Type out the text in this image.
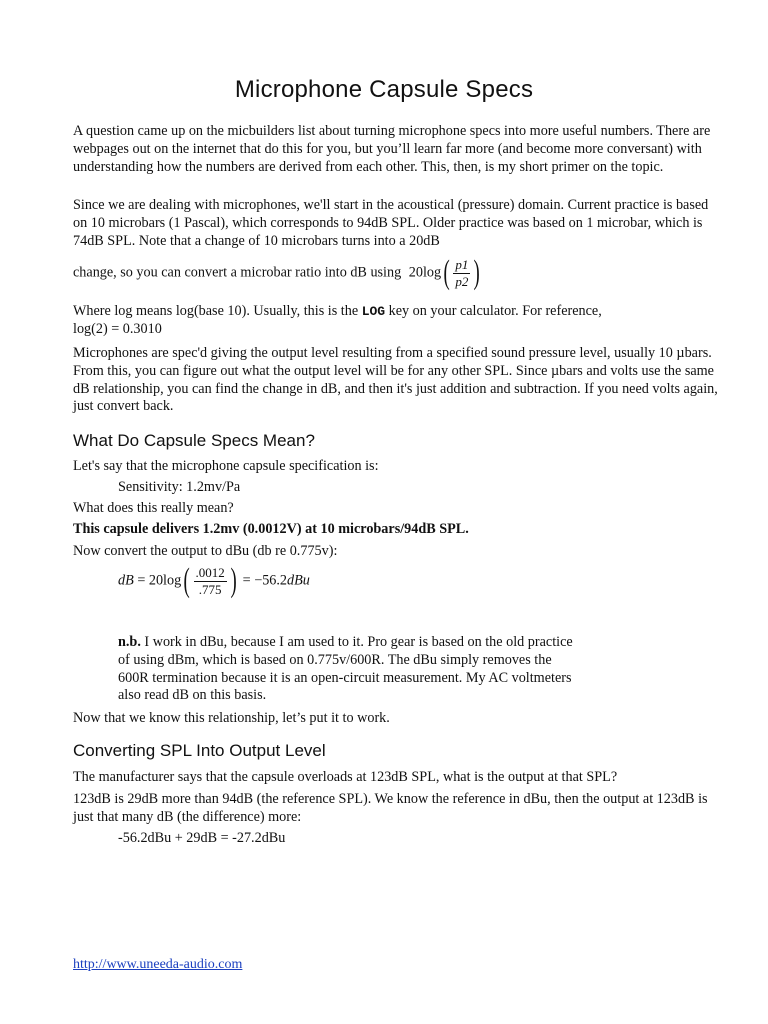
Microphone Capsule Specs

A question came up on the micbuilders list about turning microphone specs into more useful numbers. There are webpages out on the internet that do this for you, but you’ll learn far more (and become more conversant) with understanding how the numbers are derived from each other. This, then, is my short primer on the topic.

Since we are dealing with microphones, we'll start in the acoustical (pressure) domain. Current practice is based on 10 microbars (1 Pascal), which corresponds to 94dB SPL. Older practice was based on 1 microbar, which is 74dB SPL. Note that a change of 10 microbars turns into a 20dB

change, so you can convert a microbar ratio into dB using $20\log( \frac{p1}{p2}$ )

Where log means log(base 10). Usually, this is the LOG key on your calculator. For reference,
log(2) = 0.3010

Microphones are spec'd giving the output level resulting from a specified sound pressure level, usually 10 µbars. From this, you can figure out what the output level will be for any other SPL. Since µbars and volts use the same dB relationship, you can find the change in dB, and then it's just addition and subtraction. If you need volts again, just convert back.

What Do Capsule Specs Mean?

Let's say that the microphone capsule specification is:

Sensitivity: 1.2mv/Pa

What does this really mean?

This capsule delivers 1.2mv (0.0012V) at 10 microbars/94dB SPL.

Now convert the output to dBu (db re 0.775v):

dB = $20\log( \frac{.0012}{.775}$ ) = −56.2dBu
n.b. I work in dBu, because I am used to it. Pro gear is based on the old practice
of using dBm, which is based on 0.775v/600R. The dBu simply removes the
600R termination because it is an open-circuit measurement. My AC voltmeters
also read dB on this basis.

Now that we know this relationship, let’s put it to work.

Converting SPL Into Output Level

The manufacturer says that the capsule overloads at 123dB SPL, what is the output at that SPL?

123dB is 29dB more than 94dB (the reference SPL). We know the reference in dBu, then the output at 123dB is just that many dB (the difference) more:

-56.2dBu + 29dB = -27.2dBu

http://www.uneeda-audio.com
